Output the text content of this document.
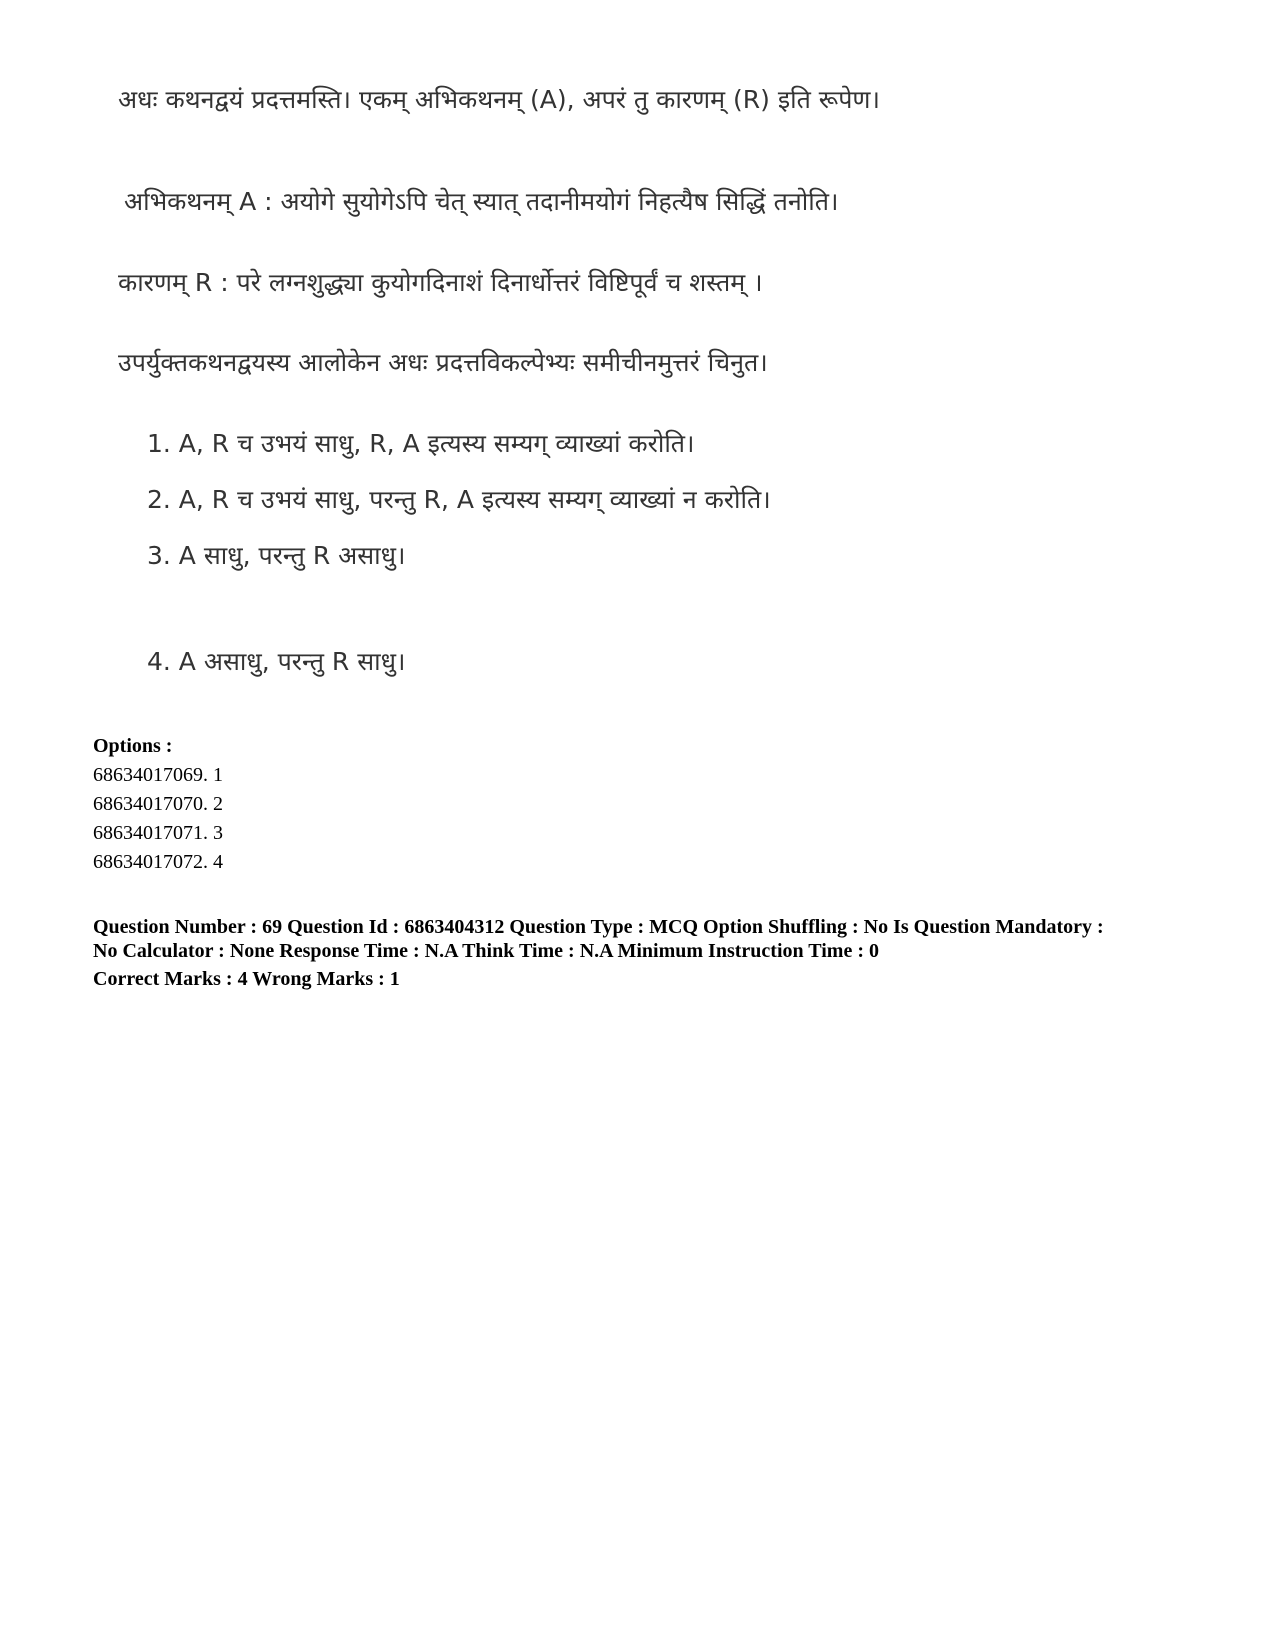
अधः कथनद्वयं प्रदत्तमस्ति। एकम् अभिकथनम् (A), अपरं तु कारणम् (R) इति रूपेण।
अभिकथनम् A : अयोगे सुयोगेऽपि चेत् स्यात् तदानीमयोगं निहत्यैष सिद्धिं तनोति।
कारणम् R : परे लग्नशुद्ध्या कुयोगदिनाशं दिनार्धोत्तरं विष्टिपूर्वं च शस्तम् ।
उपर्युक्तकथनद्वयस्य आलोकेन अधः प्रदत्तविकल्पेभ्यः समीचीनमुत्तरं चिनुत।
1. A, R च उभयं साधु, R, A इत्यस्य सम्यग् व्याख्यां करोति।
2. A, R च उभयं साधु, परन्तु R, A इत्यस्य सम्यग् व्याख्यां न करोति।
3. A साधु, परन्तु R असाधु।
4. A असाधु, परन्तु R साधु।
Options :
68634017069. 1
68634017070. 2
68634017071. 3
68634017072. 4
Question Number : 69 Question Id : 6863404312 Question Type : MCQ Option Shuffling : No Is Question Mandatory :
No Calculator : None Response Time : N.A Think Time : N.A Minimum Instruction Time : 0
Correct Marks : 4 Wrong Marks : 1
